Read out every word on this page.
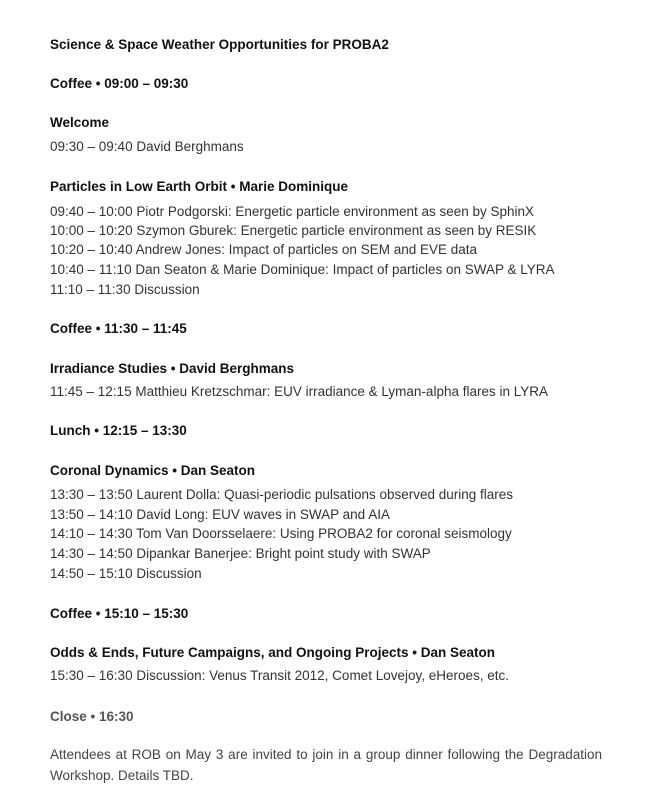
Science & Space Weather Opportunities for PROBA2
Coffee • 09:00 – 09:30
Welcome
09:30 – 09:40 David Berghmans
Particles in Low Earth Orbit • Marie Dominique
09:40 – 10:00 Piotr Podgorski: Energetic particle environment as seen by SphinX
10:00 – 10:20 Szymon Gburek: Energetic particle environment as seen by RESIK
10:20 – 10:40 Andrew Jones: Impact of particles on SEM and EVE data
10:40 – 11:10 Dan Seaton & Marie Dominique: Impact of particles on SWAP & LYRA
11:10 – 11:30 Discussion
Coffee • 11:30 – 11:45
Irradiance Studies • David Berghmans
11:45 – 12:15 Matthieu Kretzschmar: EUV irradiance & Lyman-alpha flares in LYRA
Lunch • 12:15 – 13:30
Coronal Dynamics • Dan Seaton
13:30 – 13:50 Laurent Dolla: Quasi-periodic pulsations observed during flares
13:50 – 14:10 David Long: EUV waves in SWAP and AIA
14:10 – 14:30 Tom Van Doorsselaere: Using PROBA2 for coronal seismology
14:30 – 14:50 Dipankar Banerjee: Bright point study with SWAP
14:50 – 15:10 Discussion
Coffee • 15:10 – 15:30
Odds & Ends, Future Campaigns, and Ongoing Projects • Dan Seaton
15:30 – 16:30 Discussion: Venus Transit 2012, Comet Lovejoy, eHeroes, etc.
Close • 16:30
Attendees at ROB on May 3 are invited to join in a group dinner following the Degradation Workshop. Details TBD.
